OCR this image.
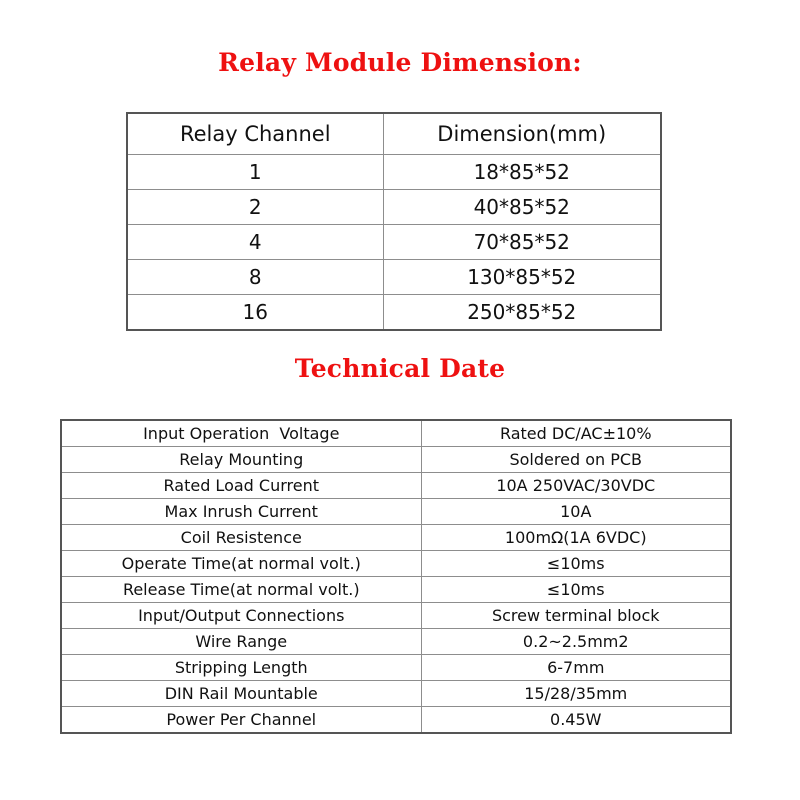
Relay Module Dimension:
Relay Channel	Dimension(mm)
1	18*85*52
2	40*85*52
4	70*85*52
8	130*85*52
16	250*85*52
Technical Date
Input Operation  Voltage	Rated DC/AC±10%
Relay Mounting	Soldered on PCB
Rated Load Current	10A 250VAC/30VDC
Max Inrush Current	10A
Coil Resistence	100mΩ(1A 6VDC)
Operate Time(at normal volt.)	≤10ms
Release Time(at normal volt.)	≤10ms
Input/Output Connections	Screw terminal block
Wire Range	0.2~2.5mm2
Stripping Length	6-7mm
DIN Rail Mountable	15/28/35mm
Power Per Channel	0.45W
